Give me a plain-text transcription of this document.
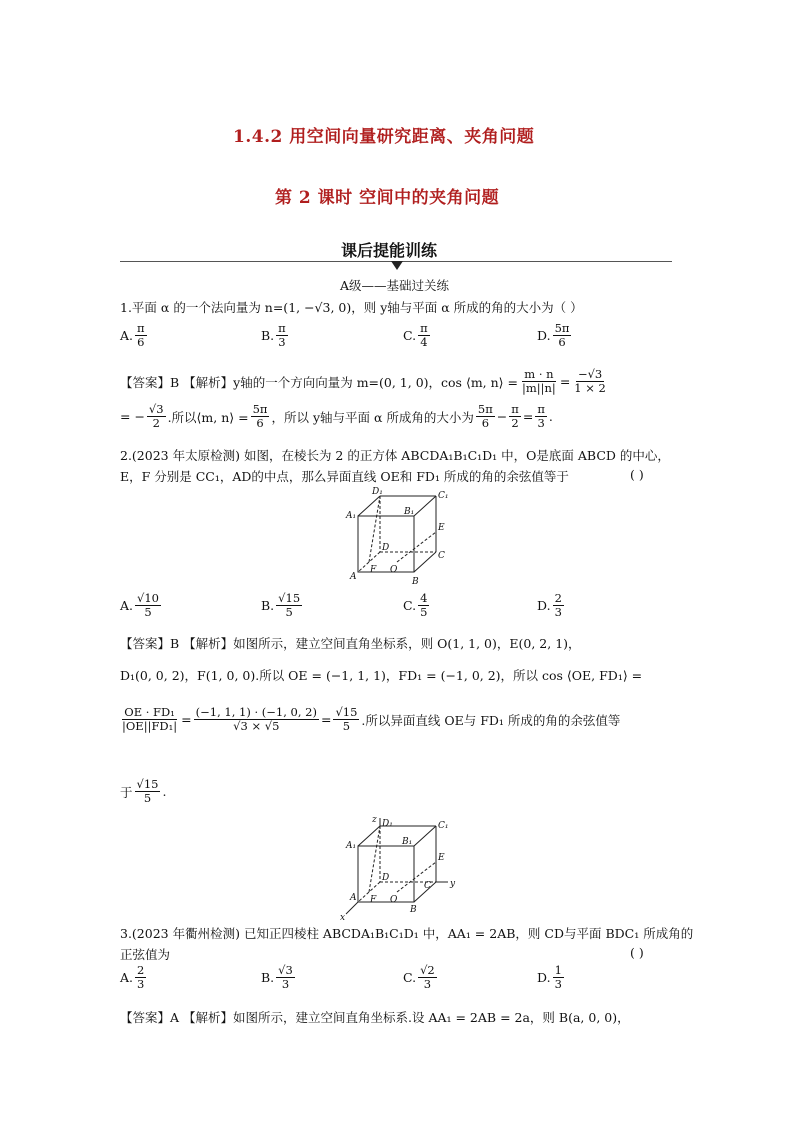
1.4.2 用空间向量研究距离、夹角问题
第 2 课时 空间中的夹角问题
课后提能训练
A级——基础过关练
1.平面 α 的一个法向量为 n=(1, −√3, 0)，则 y轴与平面 α 所成的角的大小为（ ）
A. $\frac{\pi}{6}$	B. $\frac{\pi}{3}$	C. $\frac{\pi}{4}$	D. $\frac{5\pi}{6}$
【答案】B 【解析】y轴的一个方向向量为 m=(0, 1, 0)，cos ⟨m, n⟩ = $\frac{m \cdot n}{|m||n|} = \frac{-√3}{1 \times 2}$
= − $\frac{√3}{2}$ .所以⟨m, n⟩ = $\frac{5\pi}{6}$ ，所以 y轴与平面 α 所成角的大小为 $\frac{5\pi}{6} - \frac{\pi}{2} = \frac{\pi}{3}$ .
2.(2023 年太原检测) 如图，在棱长为 2 的正方体 ABCDA₁B₁C₁D₁ 中，O是底面 ABCD 的中心，
E，F 分别是 CC₁，AD的中点，那么异面直线 OE和 FD₁ 所成的角的余弦值等于	( )
D₁	C₁
A₁	B₁
E
D
C
A
F O
B
A. $\frac{√10}{5}$	B. $\frac{√15}{5}$	C. $\frac{4}{5}$	D. $\frac{2}{3}$
【答案】B 【解析】如图所示，建立空间直角坐标系，则 O(1, 1, 0)，E(0, 2, 1)，
D₁(0, 0, 2)，F(1, 0, 0).所以 OE = (−1, 1, 1)，FD₁ = (−1, 0, 2)，所以 cos ⟨OE, FD₁⟩ =
$\frac{\text{OE · FD₁}}{\text{|OE||FD₁|}} = \frac{(-1, 1, 1) \cdot (-1, 0, 2)}{√3 \times √5} = \frac{√15}{5}$ .所以异面直线 OE与 FD₁ 所成的角的余弦值等
于 $\frac{√15}{5}$ .
z D₁	C₁
A₁	B₁
E
D
C y
A F O
B
x
3.(2023 年衢州检测) 已知正四棱柱 ABCDA₁B₁C₁D₁ 中，AA₁ = 2AB，则 CD与平面 BDC₁ 所成角的
正弦值为	( )
A. $\frac{2}{3}$	B. $\frac{√3}{3}$	C. $\frac{√2}{3}$	D. $\frac{1}{3}$
【答案】A 【解析】如图所示，建立空间直角坐标系.设 AA₁ = 2AB = 2a，则 B(a, 0, 0)，
